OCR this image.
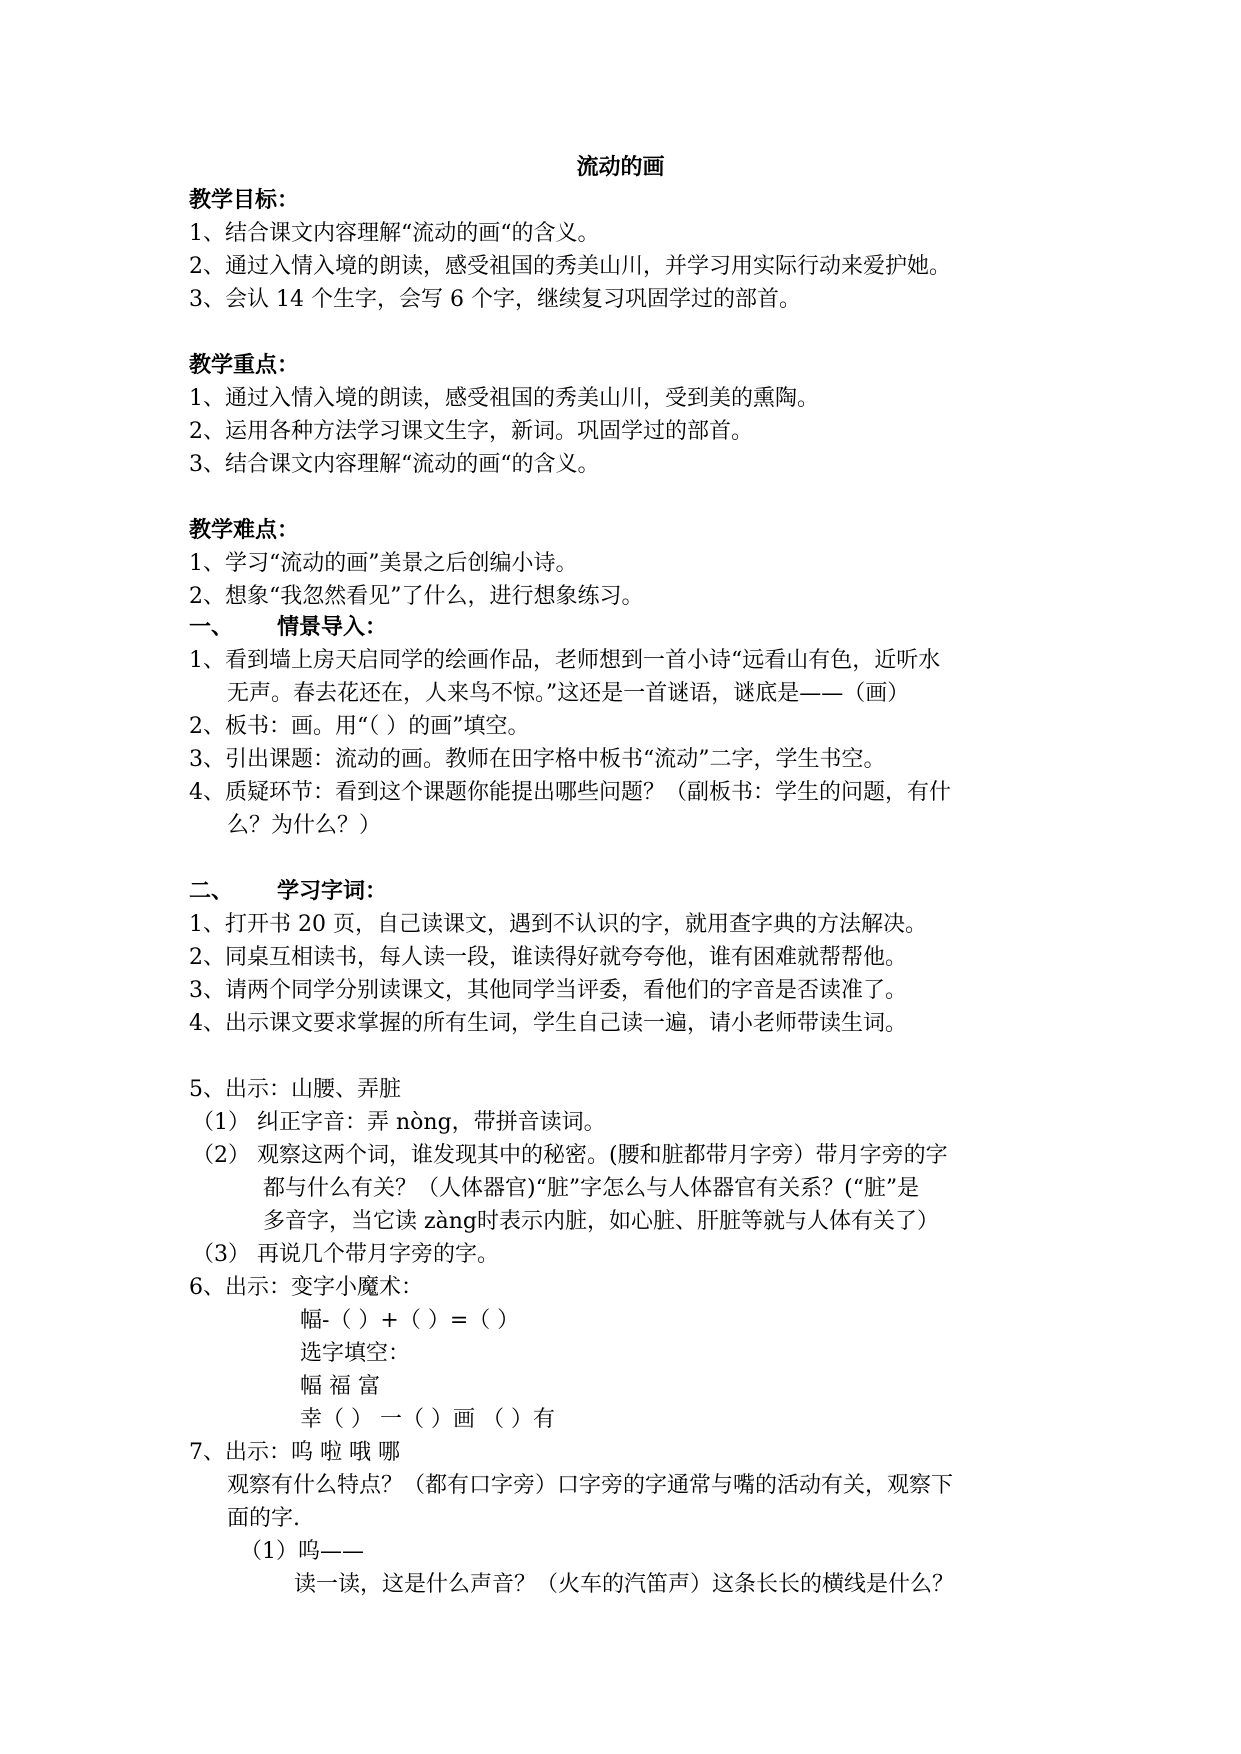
流动的画
教学目标：
1、结合课文内容理解“流动的画“的含义。
2、通过入情入境的朗读，感受祖国的秀美山川，并学习用实际行动来爱护她。
3、会认 14 个生字，会写 6 个字，继续复习巩固学过的部首。
教学重点：
1、通过入情入境的朗读，感受祖国的秀美山川，受到美的熏陶。
2、运用各种方法学习课文生字，新词。巩固学过的部首。
3、结合课文内容理解“流动的画“的含义。
教学难点：
1、学习“流动的画”美景之后创编小诗。
2、想象“我忽然看见”了什么，进行想象练习。
一、 情景导入：
1、看到墙上房天启同学的绘画作品，老师想到一首小诗“远看山有色，近听水
无声。春去花还在，人来鸟不惊。”这还是一首谜语，谜底是——（画）
2、板书：画。用“（ ）的画”填空。
3、引出课题：流动的画。教师在田字格中板书“流动”二字，学生书空。
4、质疑环节：看到这个课题你能提出哪些问题？（副板书：学生的问题，有什
么？为什么？）
二、 学习字词：
1、打开书 20 页，自己读课文，遇到不认识的字，就用查字典的方法解决。
2、同桌互相读书，每人读一段，谁读得好就夸夸他，谁有困难就帮帮他。
3、请两个同学分别读课文，其他同学当评委，看他们的字音是否读准了。
4、出示课文要求掌握的所有生词，学生自己读一遍，请小老师带读生词。
5、出示：山腰、弄脏
（1） 纠正字音：弄 nòng，带拼音读词。
（2） 观察这两个词，谁发现其中的秘密。(腰和脏都带月字旁）带月字旁的字
都与什么有关？（人体器官)“脏”字怎么与人体器官有关系？(“脏”是
多音字，当它读 zàng时表示内脏，如心脏、肝脏等就与人体有关了）
（3） 再说几个带月字旁的字。
6、出示：变字小魔术：
幅-（ ）+（ ）=（ ）
选字填空：
幅 福 富
幸（ ） 一（ ）画 （ ）有
7、出示：呜 啦 哦 哪
观察有什么特点？（都有口字旁）口字旁的字通常与嘴的活动有关，观察下
面的字.
（1）呜——
读一读，这是什么声音？（火车的汽笛声）这条长长的横线是什么？
